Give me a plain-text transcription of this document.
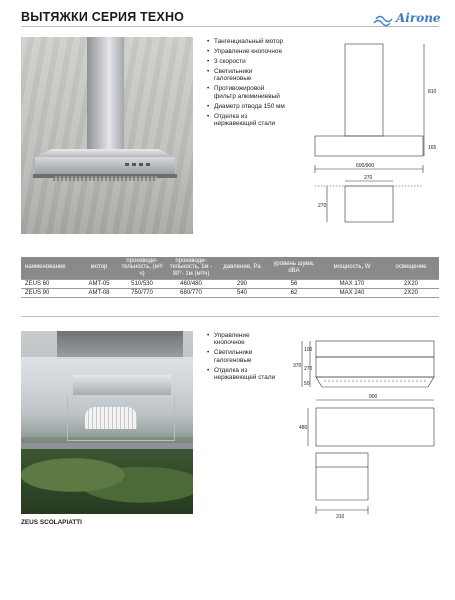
ВЫТЯЖКИ СЕРИЯ ТЕХНО	Airone
• Тангенциальный мотор
• Управление кнопочное
• 3 скорости
• Светильники галогеновые
• Противожировой фильтр алюминиевый
• Диаметр отвода 150 мм
• Отделка из нержавеющей стали
810
165
600/900
270
270
наименование	мотор	производи-тельность, (м³/ч)	производи-тельность, 1м - 90°- 1м (м³/ч)	давление, Pa	уровень шума, dBA	мощность, W	освещение
ZEUS 60	AMT-05	510/530	460/480	290	56	MAX 170	2X20
ZEUS 90	AMT-08	750/770	680/770	540	62	MAX 240	2X20
ZEUS SCOLAPIATTI
• Управление кнопочное
• Светильники галогеновые
• Отделка из нержавеющей стали
370
100
270
50
900
480
310
